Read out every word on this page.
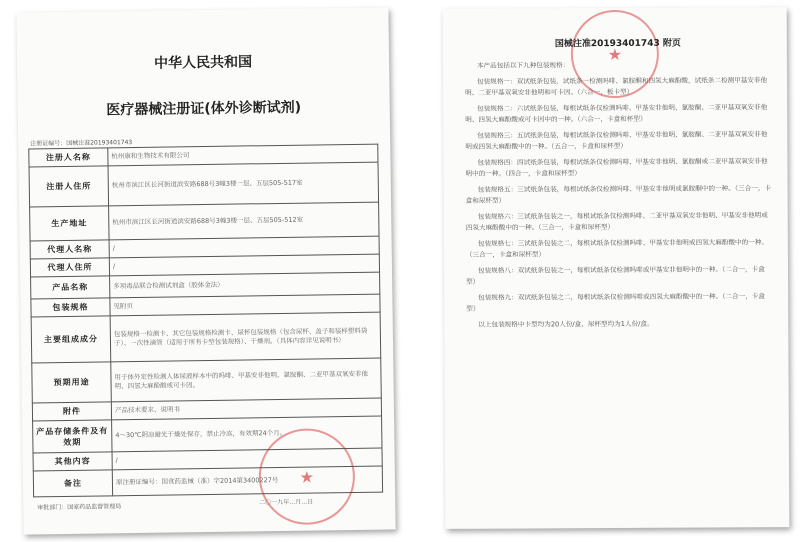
★
中华人民共和国
医疗器械注册证(体外诊断试剂)
注册证编号：国械注准20193401743
注册人名称	杭州康和生物技术有限公司
注册人住所	杭州市滨江区长河街道滨安路688号3幢3楼一层、五层505-517室
生产地址	杭州市滨江区长河街道滨安路688号3幢3楼一层、五层505-512室
代理人名称	/
代理人住所	/
产品名称	多项毒品联合检测试剂盒（胶体金法）
包装规格	见附页
主要组成成分	包装规格一检测卡、其它包装规格检测卡、尿杯包装规格（包含尿杯、盖子和装样塑料袋子）、一次性滴管（适用于所有卡型包装规格）、干燥剂。（具体内容详见说明书）
预期用途	用于体外定性检测人体尿液样本中的吗啡、甲基安非他明、氯胺酮、二亚甲基双氧安非他明、四氢大麻酚酸或可卡因。
附件	产品技术要求、说明书
产品存储条件及有效期	4～30℃阴凉避光干燥处保存，禁止冷冻，有效期24个月。
其他内容	/
备注	原注册证编号：国食药监械（准）字2014第3400227号
审批部门：国家药品监督管理局
二〇一九年…月…日
★
国械注准20193401743 附页

本产品包括以下九种包装规格：

包装规格一：双试纸条包装，试纸条一检测吗啡、氯胺酮和四氢大麻酚酸，试纸条二检测甲基安非他明、二亚甲基双氧安非他明和可卡因。（六合一，板卡型）

包装规格二：六试纸条包装，每根试纸条仅检测吗啡、甲基安非他明、氯胺酮、二亚甲基双氧安非他明、四氢大麻酚酸或可卡因中的一种。（六合一，卡盒和杯型）

包装规格三：五试纸条包装，每根试纸条仅检测吗啡、甲基安非他明、氯胺酮、二亚甲基双氧安非他明或四氢大麻酚酸中的一种。（五合一，卡盒和尿杯型）

包装规格四：四试纸条包装，每根试纸条仅检测吗啡、甲基安非他明、氯胺酮或二亚甲基双氧安非他明中的一种。（四合一，卡盒和尿杯型）

包装规格五：三试纸条包装，每根试纸条仅检测吗啡、甲基安非他明或氯胺酮中的一种。（三合一，卡盒和尿杯型）

包装规格六：三试纸条包装之一，每根试纸条仅检测吗啡、二亚甲基双氧安非他明、甲基安非他明或四氢大麻酚酸中的一种。（三合一，卡盒和尿杯型）

包装规格七：三试纸条包装之二，每根试纸条仅检测吗啡、甲基安非他明或四氢大麻酚酸中的一种。（三合一，卡盒和尿杯型）

包装规格八：双试纸条包装之一，每根试纸条仅检测吗啡或甲基安非他明中的一种。（二合一，卡盒型）

包装规格九：双试纸条包装之二，每根试纸条仅检测吗啡或四氢大麻酚酸中的一种。（二合一，卡盒型）

以上包装规格中卡型均为20人份/盒，尿杯型均为1人份/盒。
